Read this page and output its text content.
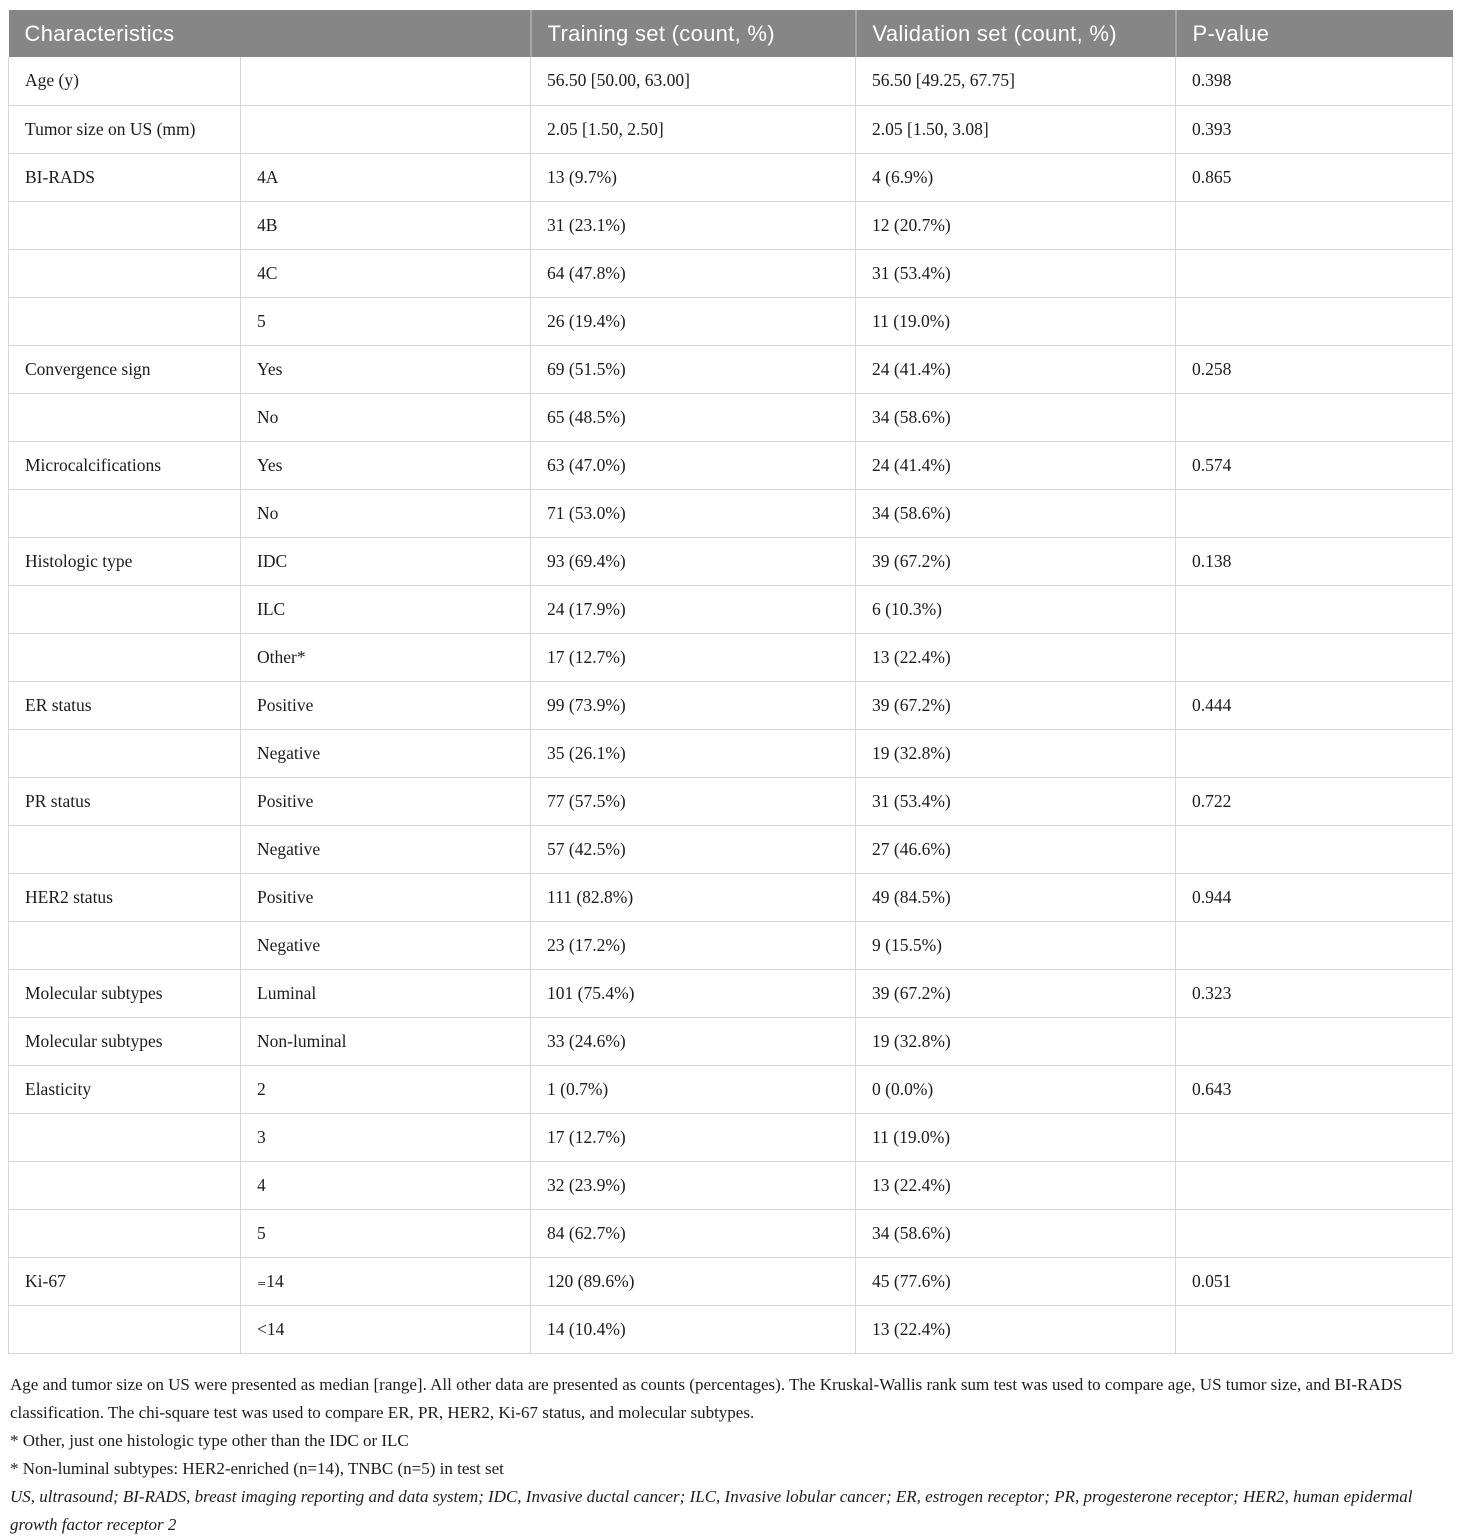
Characteristics		Training set (count, %)	Validation set (count, %)	P-value
Age (y)		56.50 [50.00, 63.00]	56.50 [49.25, 67.75]	0.398
Tumor size on US (mm)		2.05 [1.50, 2.50]	2.05 [1.50, 3.08]	0.393
BI-RADS	4A	13 (9.7%)	4 (6.9%)	0.865
	4B	31 (23.1%)	12 (20.7%)	
	4C	64 (47.8%)	31 (53.4%)	
	5	26 (19.4%)	11 (19.0%)	
Convergence sign	Yes	69 (51.5%)	24 (41.4%)	0.258
	No	65 (48.5%)	34 (58.6%)	
Microcalcifications	Yes	63 (47.0%)	24 (41.4%)	0.574
	No	71 (53.0%)	34 (58.6%)	
Histologic type	IDC	93 (69.4%)	39 (67.2%)	0.138
	ILC	24 (17.9%)	6 (10.3%)	
	Other*	17 (12.7%)	13 (22.4%)	
ER status	Positive	99 (73.9%)	39 (67.2%)	0.444
	Negative	35 (26.1%)	19 (32.8%)	
PR status	Positive	77 (57.5%)	31 (53.4%)	0.722
	Negative	57 (42.5%)	27 (46.6%)	
HER2 status	Positive	111 (82.8%)	49 (84.5%)	0.944
	Negative	23 (17.2%)	9 (15.5%)	
Molecular subtypes	Luminal	101 (75.4%)	39 (67.2%)	0.323
Molecular subtypes	Non-luminal	33 (24.6%)	19 (32.8%)	
Elasticity	2	1 (0.7%)	0 (0.0%)	0.643
	3	17 (12.7%)	11 (19.0%)	
	4	32 (23.9%)	13 (22.4%)	
	5	84 (62.7%)	34 (58.6%)	
Ki-67	₌14	120 (89.6%)	45 (77.6%)	0.051
	<14	14 (10.4%)	13 (22.4%)	

Age and tumor size on US were presented as median [range]. All other data are presented as counts (percentages). The Kruskal-Wallis rank sum test was used to compare age, US tumor size, and BI-RADS classification. The chi-square test was used to compare ER, PR, HER2, Ki-67 status, and molecular subtypes.

* Other, just one histologic type other than the IDC or ILC

* Non-luminal subtypes: HER2-enriched (n=14), TNBC (n=5) in test set

US, ultrasound; BI-RADS, breast imaging reporting and data system; IDC, Invasive ductal cancer; ILC, Invasive lobular cancer; ER, estrogen receptor; PR, progesterone receptor; HER2, human epidermal growth factor receptor 2
